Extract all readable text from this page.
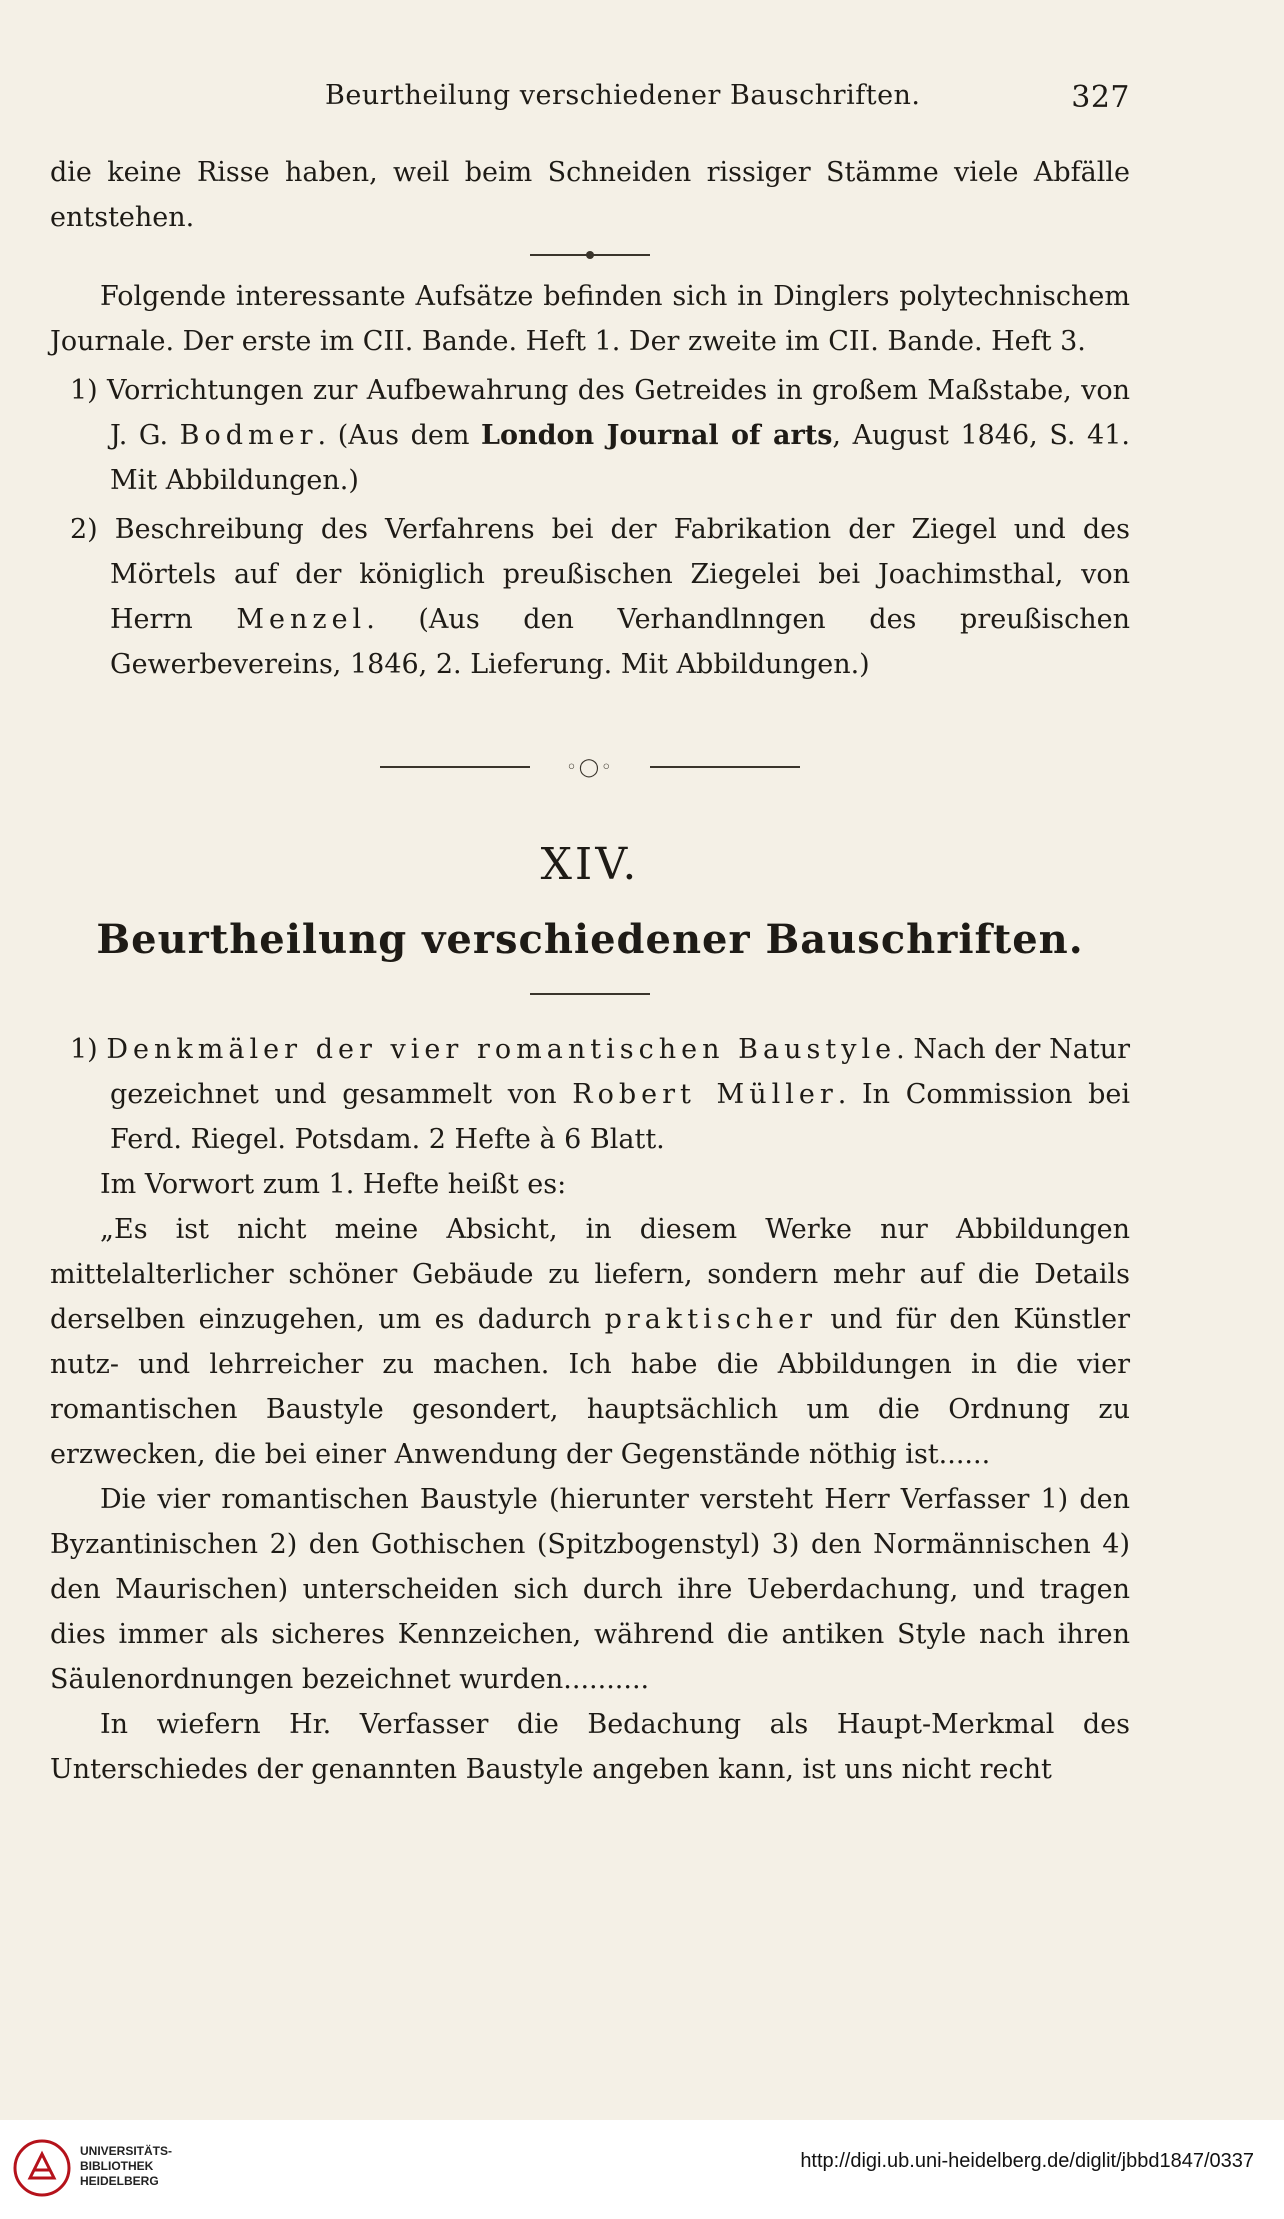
Beurtheilung verschiedener Bauschriften.	327

die keine Risse haben, weil beim Schneiden rissiger Stämme viele Abfälle entstehen.

Folgende interessante Aufsätze befinden sich in Dinglers polytechnischem Journale. Der erste im CII. Bande. Heft 1. Der zweite im CII. Bande. Heft 3.

1) Vorrichtungen zur Aufbewahrung des Getreides in großem Maßstabe, von J. G. Bodmer. (Aus dem London Journal of arts, August 1846, S. 41. Mit Abbildungen.)
2) Beschreibung des Verfahrens bei der Fabrikation der Ziegel und des Mörtels auf der königlich preußischen Ziegelei bei Joachimsthal, von Herrn Menzel. (Aus den Verhandlnngen des preußischen Gewerbevereins, 1846, 2. Lieferung. Mit Abbildungen.)
◦◯◦
XIV.
Beurtheilung verschiedener Bauschriften.
1) Denkmäler der vier romantischen Baustyle. Nach der Natur gezeichnet und gesammelt von Robert Müller. In Commission bei Ferd. Riegel. Potsdam. 2 Hefte à 6 Blatt.

Im Vorwort zum 1. Hefte heißt es:

„Es ist nicht meine Absicht, in diesem Werke nur Abbildungen mittelalterlicher schöner Gebäude zu liefern, sondern mehr auf die Details derselben einzugehen, um es dadurch praktischer und für den Künstler nutz- und lehrreicher zu machen. Ich habe die Abbildungen in die vier romantischen Baustyle gesondert, hauptsächlich um die Ordnung zu erzwecken, die bei einer Anwendung der Gegenstände nöthig ist......

Die vier romantischen Baustyle (hierunter versteht Herr Verfasser 1) den Byzantinischen 2) den Gothischen (Spitzbogenstyl) 3) den Normännischen 4) den Maurischen) unterscheiden sich durch ihre Ueberdachung, und tragen dies immer als sicheres Kennzeichen, während die antiken Style nach ihren Säulenordnungen bezeichnet wurden..........

In wiefern Hr. Verfasser die Bedachung als Haupt-Merkmal des Unterschiedes der genannten Baustyle angeben kann, ist uns nicht recht

UNIVERSITÄTS-
BIBLIOTHEK
HEIDELBERG
http://digi.ub.uni-heidelberg.de/diglit/jbbd1847/0337
